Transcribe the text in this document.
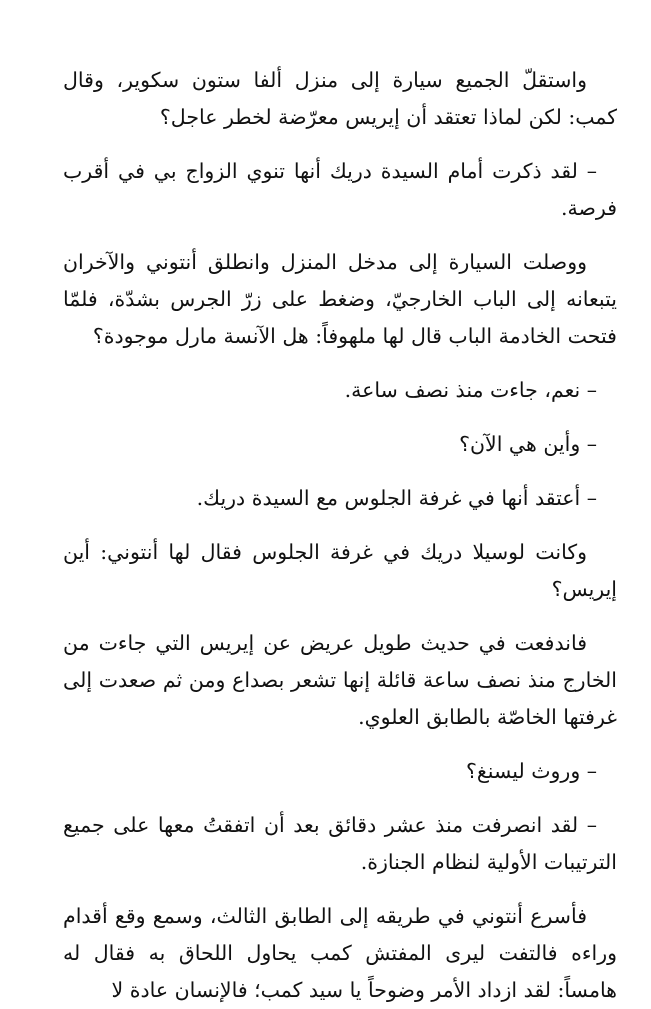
واستقلّ الجميع سيارة إلى منزل ألفا ستون سكوير، وقال كمب: لكن لماذا تعتقد أن إيريس معرّضة لخطر عاجل؟

– لقد ذكرت أمام السيدة دريك أنها تنوي الزواج بي في أقرب فرصة.

ووصلت السيارة إلى مدخل المنزل وانطلق أنتوني والآخران يتبعانه إلى الباب الخارجيّ، وضغط على زرّ الجرس بشدّة، فلمّا فتحت الخادمة الباب قال لها ملهوفاً: هل الآنسة مارل موجودة؟

– نعم، جاءت منذ نصف ساعة.

– وأين هي الآن؟

– أعتقد أنها في غرفة الجلوس مع السيدة دريك.

وكانت لوسيلا دريك في غرفة الجلوس فقال لها أنتوني: أين إيريس؟

فاندفعت في حديث طويل عريض عن إيريس التي جاءت من الخارج منذ نصف ساعة قائلة إنها تشعر بصداع ومن ثم صعدت إلى غرفتها الخاصّة بالطابق العلوي.

– وروث ليسنغ؟

– لقد انصرفت منذ عشر دقائق بعد أن اتفقتُ معها على جميع الترتيبات الأولية لنظام الجنازة.

فأسرع أنتوني في طريقه إلى الطابق الثالث، وسمع وقع أقدام وراءه فالتفت ليرى المفتش كمب يحاول اللحاق به فقال له هامساً: لقد ازداد الأمر وضوحاً يا سيد كمب؛ فالإنسان عادة لا
